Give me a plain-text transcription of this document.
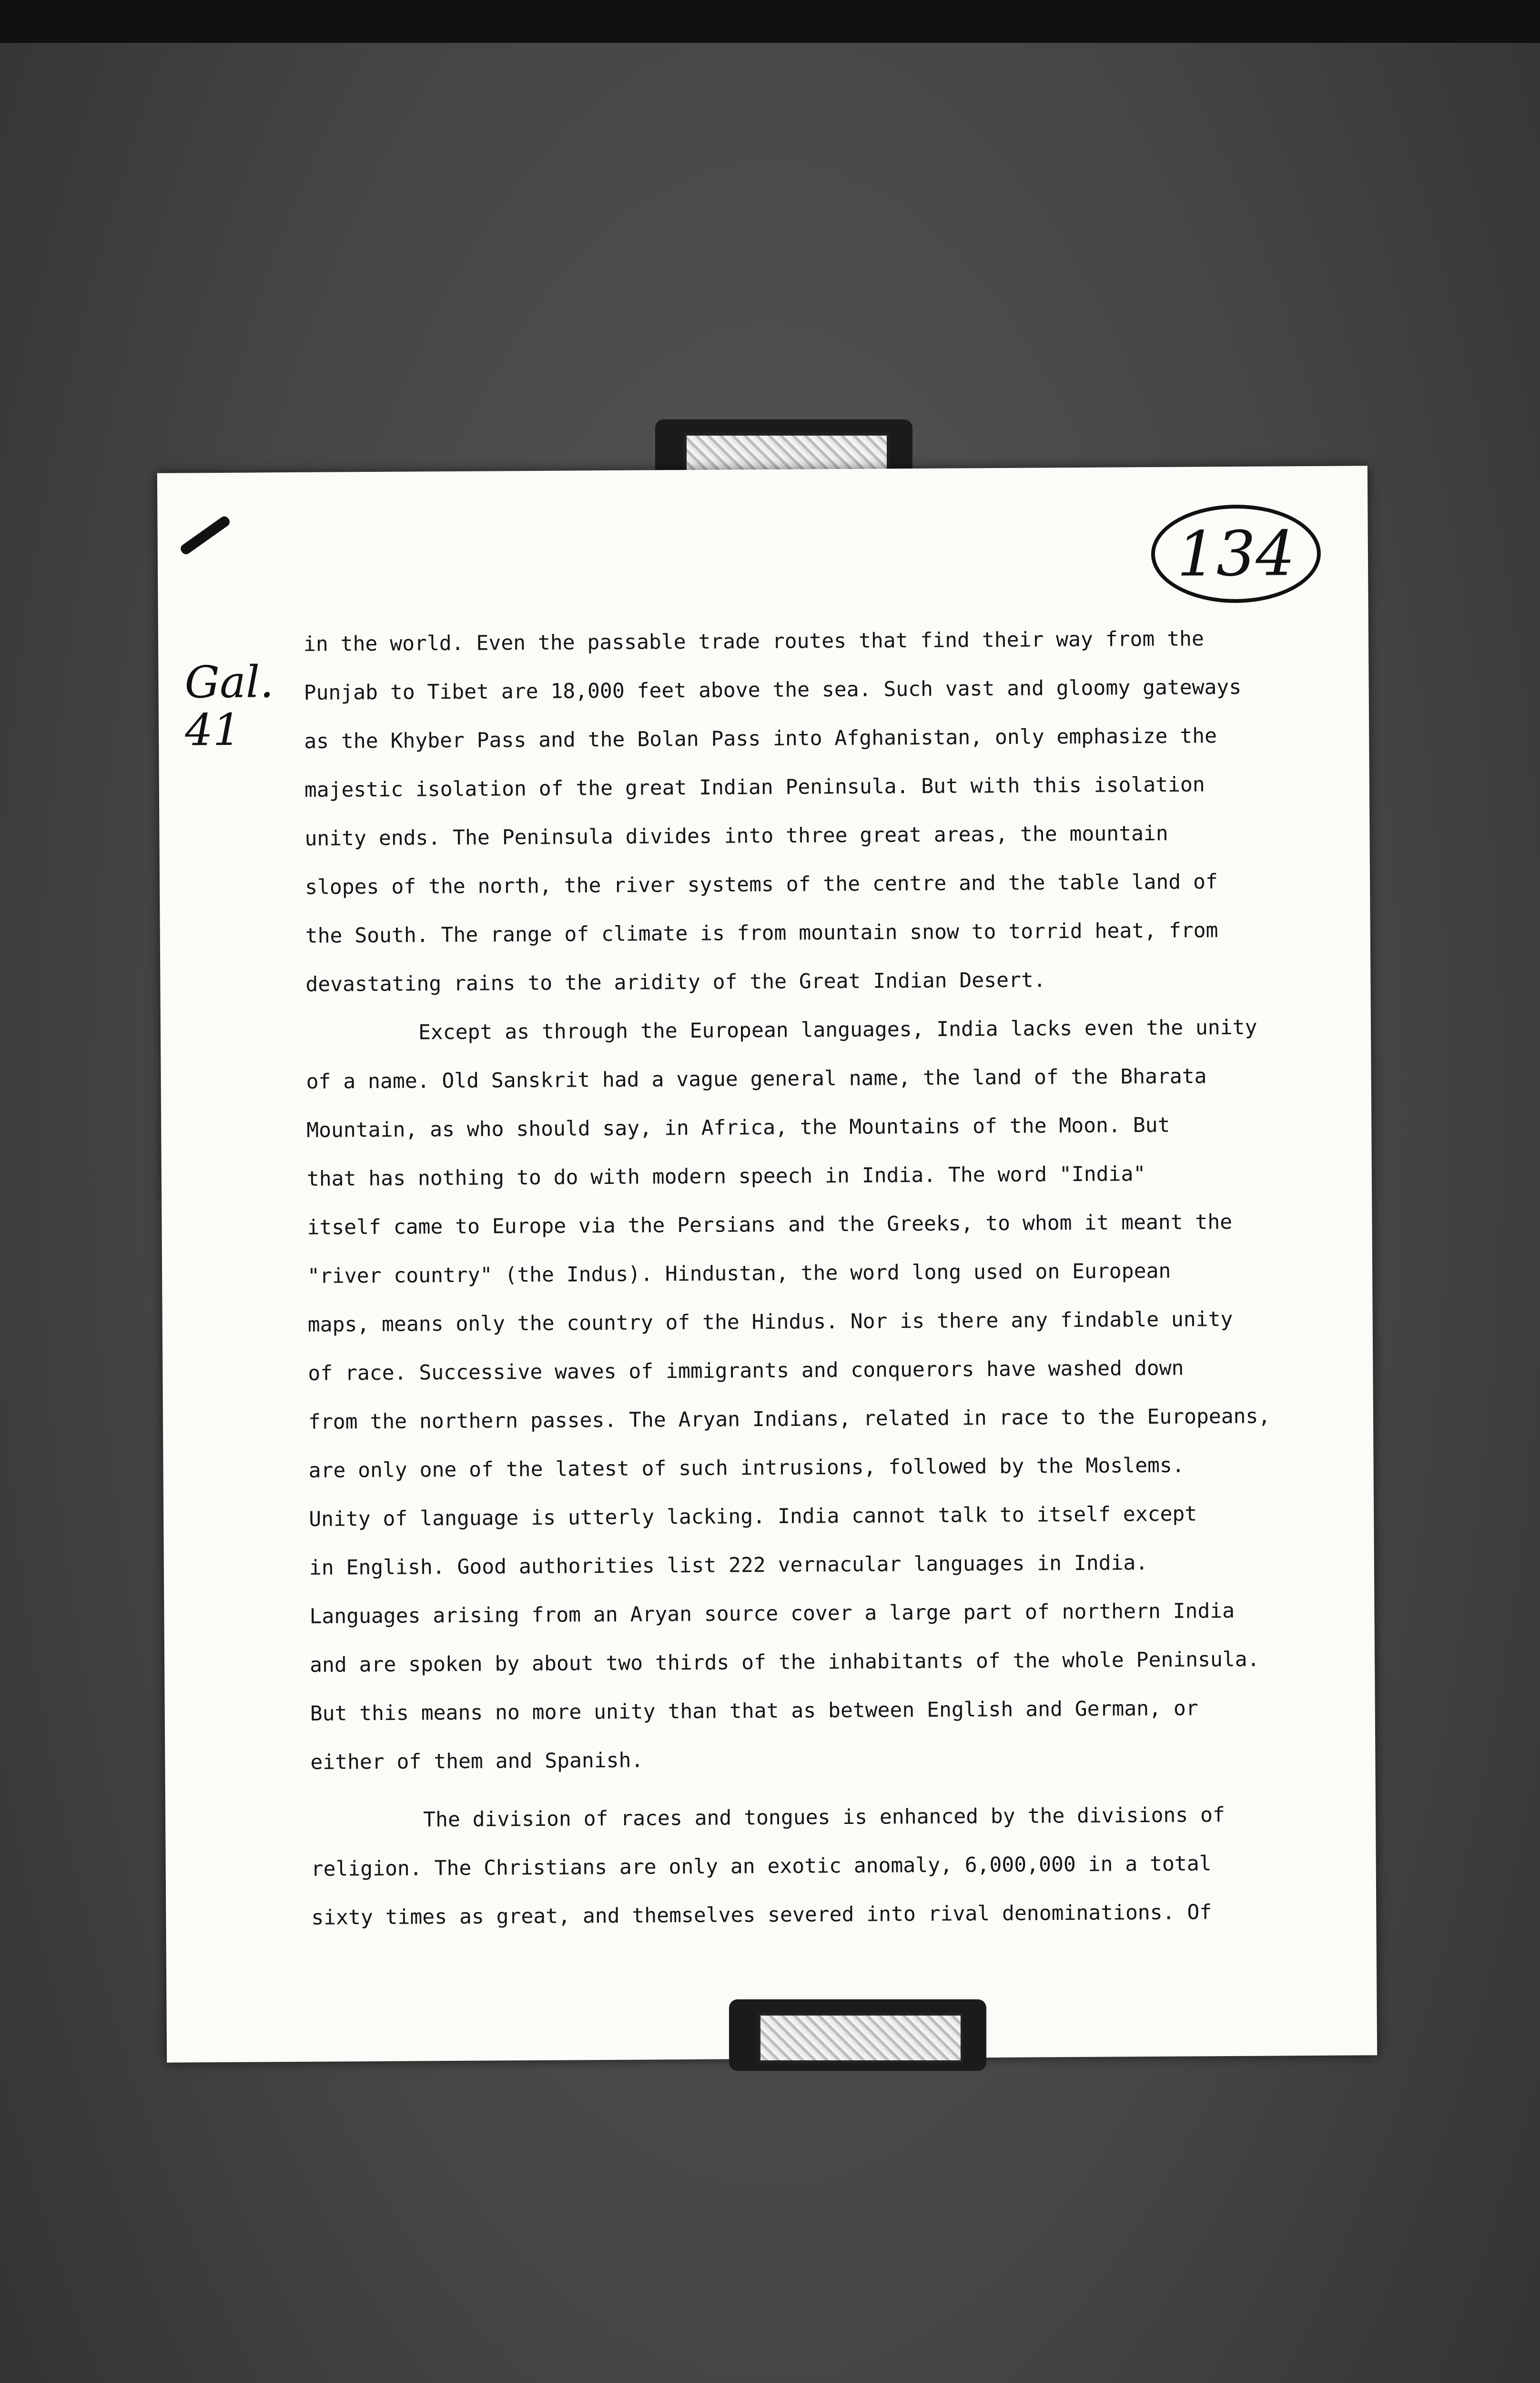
134
Gal.
41

in the world. Even the passable trade routes that find their way from the

Punjab to Tibet are 18,000 feet above the sea. Such vast and gloomy gateways

as the Khyber Pass and the Bolan Pass into Afghanistan, only emphasize the

majestic isolation of the great Indian Peninsula. But with this isolation

unity ends. The Peninsula divides into three great areas, the mountain

slopes of the north, the river systems of the centre and the table land of

the South. The range of climate is from mountain snow to torrid heat, from

devastating rains to the aridity of the Great Indian Desert.

Except as through the European languages, India lacks even the unity

of a name. Old Sanskrit had a vague general name, the land of the Bharata

Mountain, as who should say, in Africa, the Mountains of the Moon. But

that has nothing to do with modern speech in India. The word "India"

itself came to Europe via the Persians and the Greeks, to whom it meant the

"river country" (the Indus). Hindustan, the word long used on European

maps, means only the country of the Hindus. Nor is there any findable unity

of race. Successive waves of immigrants and conquerors have washed down

from the northern passes. The Aryan Indians, related in race to the Europeans,

are only one of the latest of such intrusions, followed by the Moslems.

Unity of language is utterly lacking. India cannot talk to itself except

in English. Good authorities list 222 vernacular languages in India.

Languages arising from an Aryan source cover a large part of northern India

and are spoken by about two thirds of the inhabitants of the whole Peninsula.

But this means no more unity than that as between English and German, or

either of them and Spanish.

The division of races and tongues is enhanced by the divisions of

religion. The Christians are only an exotic anomaly, 6,000,000 in a total

sixty times as great, and themselves severed into rival denominations. Of
